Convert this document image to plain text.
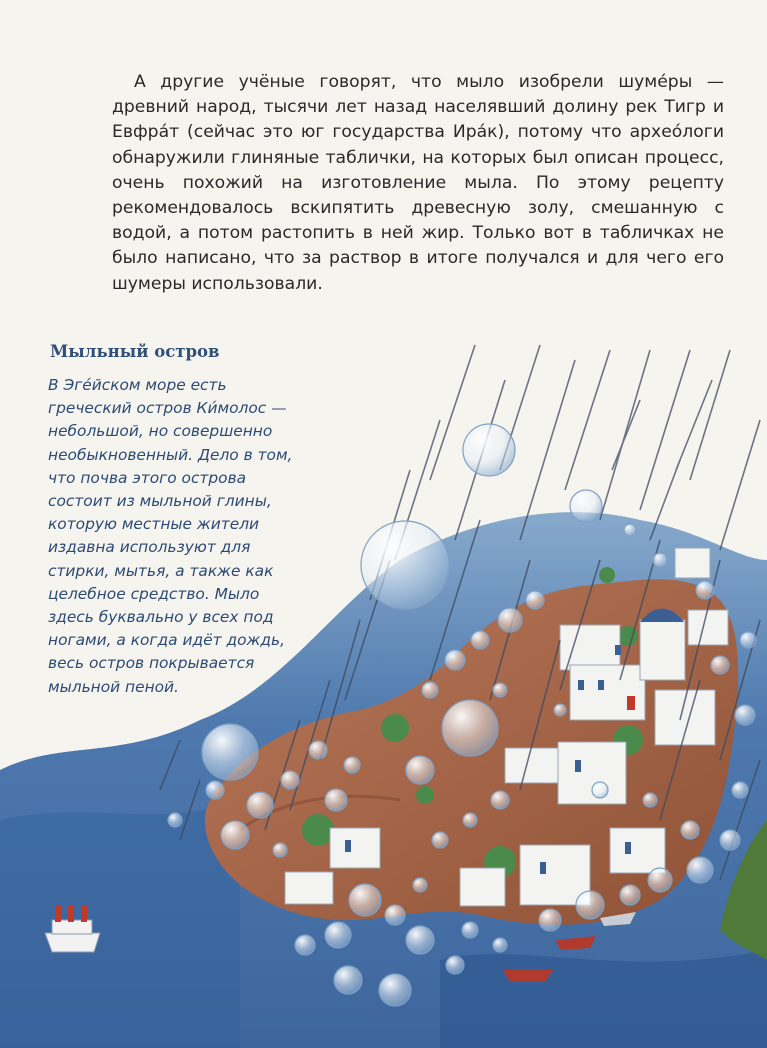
А другие учёные говорят, что мыло изобрели шуме́ры — древний народ, тысячи лет назад населявший долину рек Тигр и Евфра́т (сейчас это юг государства Ира́к), потому что архео́логи обнаружили глиняные таблички, на которых был описан процесс, очень похожий на изготовление мыла. По этому рецепту рекомендовалось вскипятить древесную золу, смешанную с водой, а потом растопить в ней жир. Только вот в табличках не было написано, что за раствор в итоге получался и для чего его шумеры использовали.

Мыльный остров
В Эге́йском море есть
греческий остров Ки́молос —
небольшой, но совершенно
необыкновенный. Дело в том,
что почва этого острова
состоит из мыльной глины,
которую местные жители
издавна используют для
стирки, мытья, а также как
целебное средство. Мыло
здесь буквально у всех под
ногами, а когда идёт дождь,
весь остров покрывается
мыльной пеной.
